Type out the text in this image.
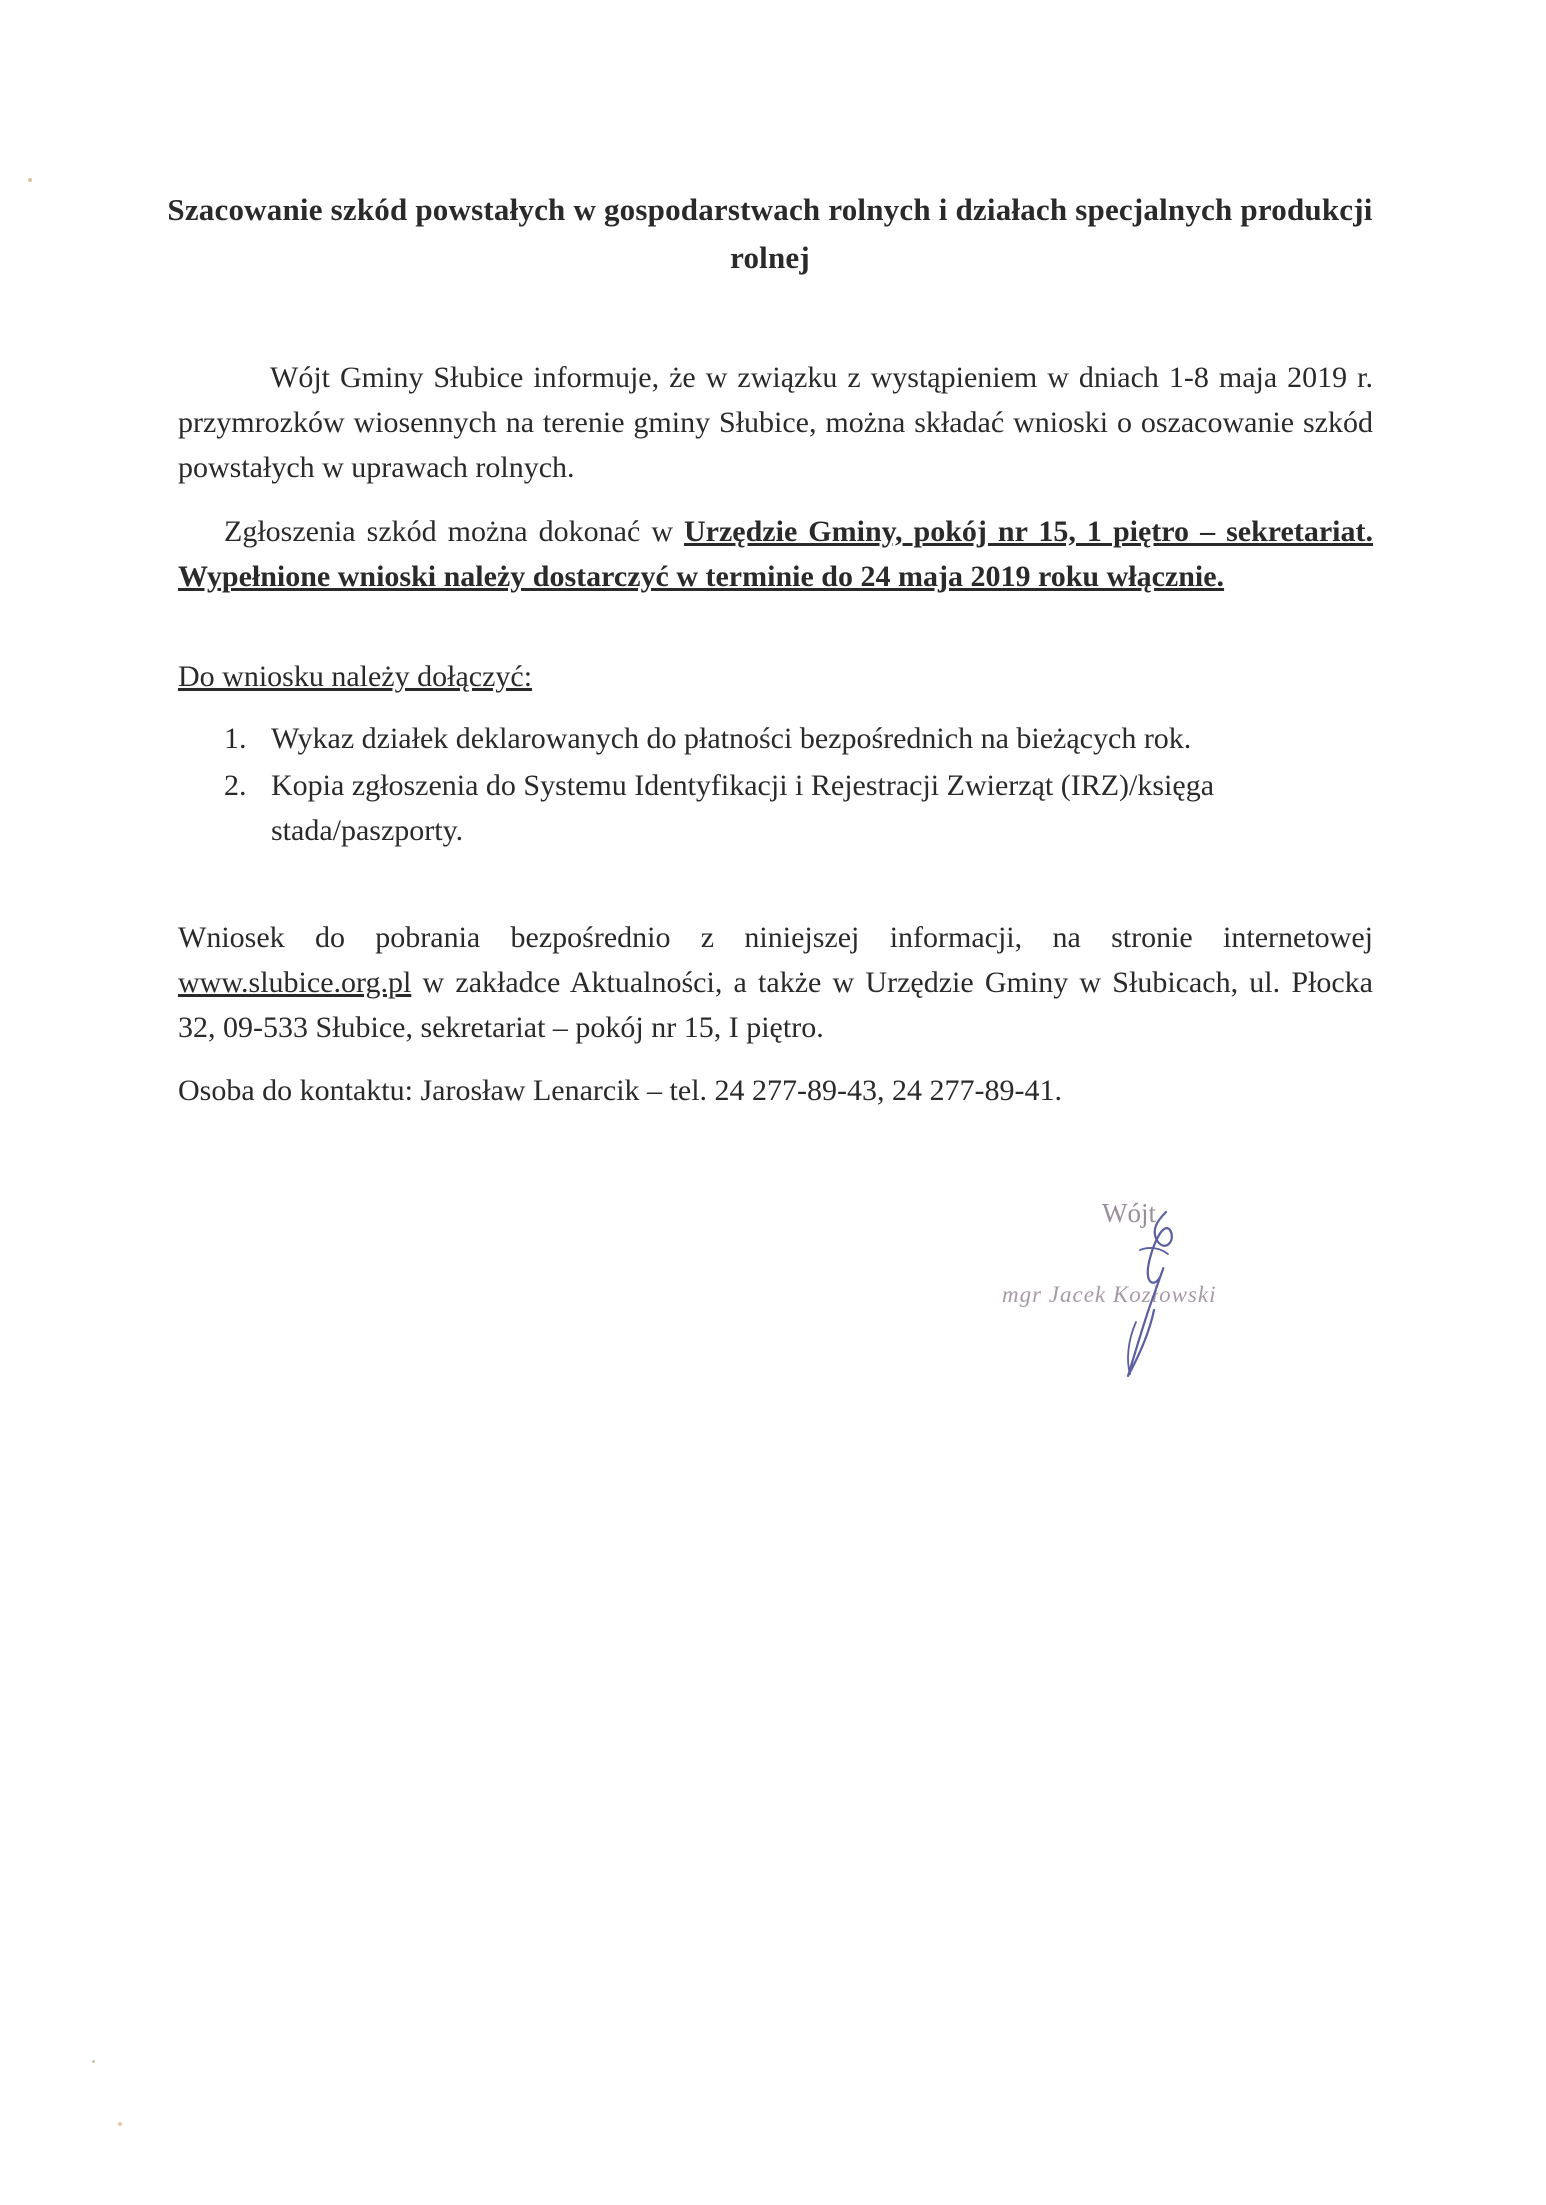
Szacowanie szkód powstałych w gospodarstwach rolnych i działach specjalnych produkcji rolnej
Wójt Gminy Słubice informuje, że w związku z wystąpieniem w dniach 1-8 maja 2019 r. przymrozków wiosennych na terenie gminy Słubice, można składać wnioski o oszacowanie szkód powstałych w uprawach rolnych.
Zgłoszenia szkód można dokonać w Urzędzie Gminy, pokój nr 15, 1 piętro – sekretariat. Wypełnione wnioski należy dostarczyć w terminie do 24 maja 2019 roku włącznie.
Do wniosku należy dołączyć:
1. Wykaz działek deklarowanych do płatności bezpośrednich na bieżących rok.
2. Kopia zgłoszenia do Systemu Identyfikacji i Rejestracji Zwierząt (IRZ)/księga stada/paszporty.
Wniosek do pobrania bezpośrednio z niniejszej informacji, na stronie internetowej www.slubice.org.pl w zakładce Aktualności, a także w Urzędzie Gminy w Słubicach, ul. Płocka 32, 09-533 Słubice, sekretariat – pokój nr 15, I piętro.
Osoba do kontaktu: Jarosław Lenarcik – tel. 24 277-89-43, 24 277-89-41.
Wójt
mgr Jacek Kozłowski
